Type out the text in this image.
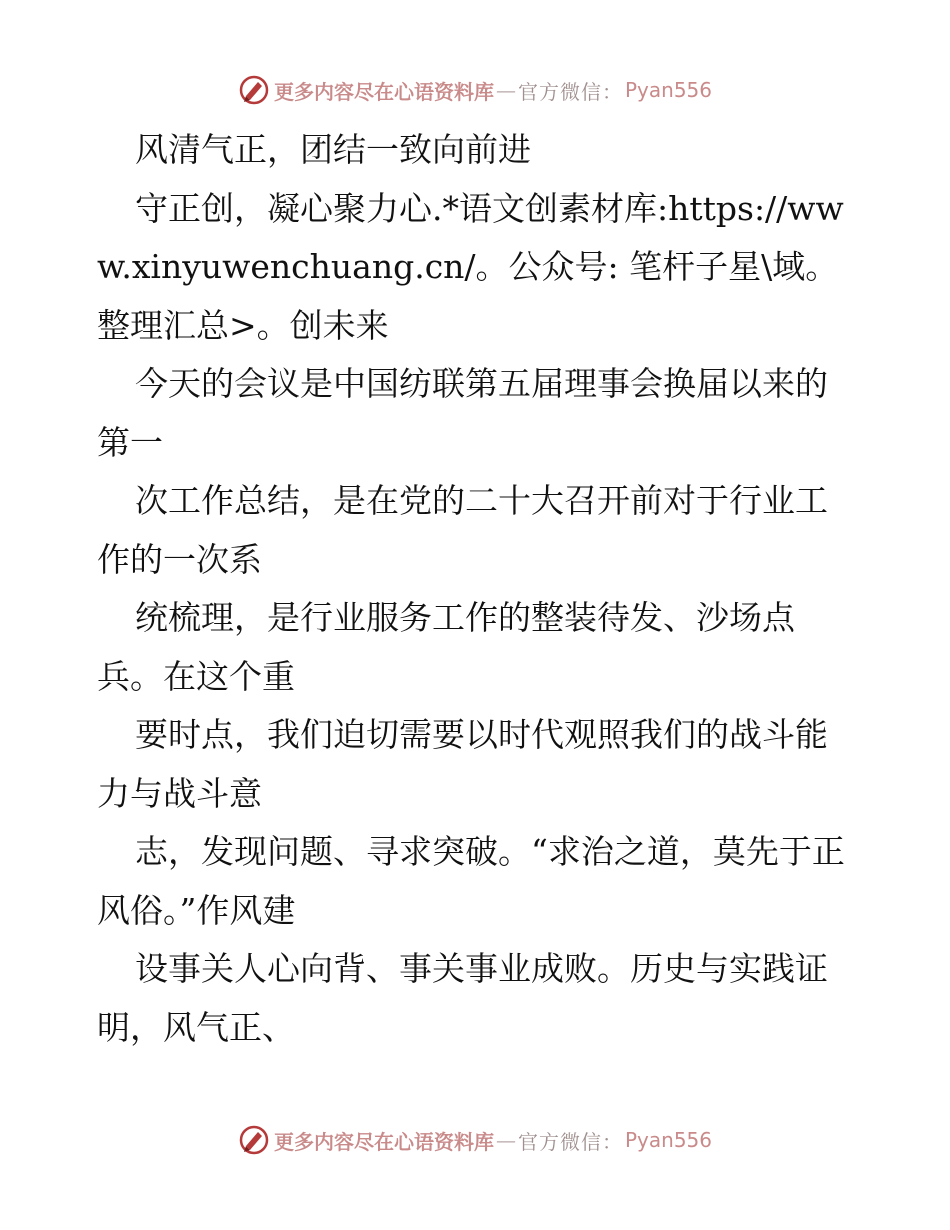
更多内容尽在心语资料库 — 官方微信： Pyan556

风清气正，团结一致向前进

守正创，凝心聚力心.*语文创素材库:https://www.xinyuwenchuang.cn/。公众号: 笔杆子星\域。整理汇总>。创未来

今天的会议是中国纺联第五届理事会换届以来的第一

次工作总结，是在党的二十大召开前对于行业工作的一次系

统梳理，是行业服务工作的整装待发、沙场点兵。在这个重

要时点，我们迫切需要以时代观照我们的战斗能力与战斗意

志，发现问题、寻求突破。“求治之道，莫先于正风俗。”作风建

设事关人心向背、事关事业成败。历史与实践证明，风气正、

更多内容尽在心语资料库 — 官方微信： Pyan556
